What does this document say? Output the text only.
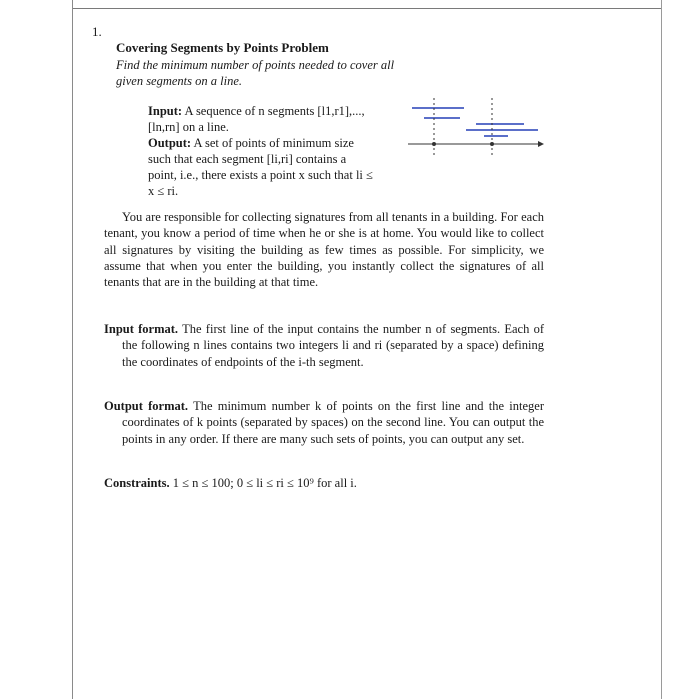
1.
Covering Segments by Points Problem
Find the minimum number of points needed to cover all given segments on a line.
Input: A sequence of n segments [l1,r1],...,[ln,rn] on a line.
Output: A set of points of minimum size such that each segment [li,ri] contains a point, i.e., there exists a point x such that li ≤ x ≤ ri.
You are responsible for collecting signatures from all tenants in a building. For each tenant, you know a period of time when he or she is at home. You would like to collect all signatures by visiting the building as few times as possible. For simplicity, we assume that when you enter the building, you instantly collect the signatures of all tenants that are in the building at that time.

Input format. The first line of the input contains the number n of segments. Each of the following n lines contains two integers li and ri (separated by a space) defining the coordinates of endpoints of the i-th segment.

Output format. The minimum number k of points on the first line and the integer coordinates of k points (separated by spaces) on the second line. You can output the points in any order. If there are many such sets of points, you can output any set.

Constraints. 1 ≤ n ≤ 100; 0 ≤ li ≤ ri ≤ 10⁹ for all i.
